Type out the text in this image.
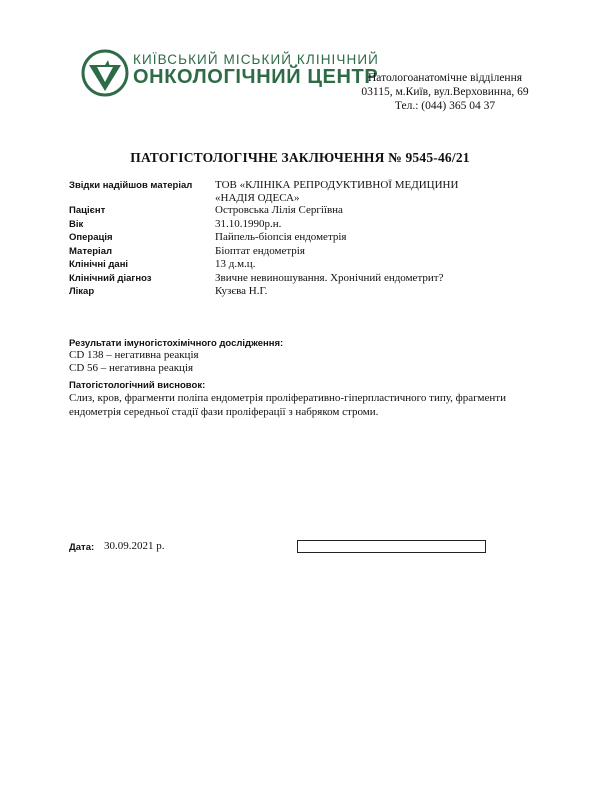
КИЇВСЬКИЙ МІСЬКИЙ КЛІНІЧНИЙ
ОНКОЛОГІЧНИЙ ЦЕНТР
Патологоанатомічне відділення
03115, м.Київ, вул.Верховинна, 69
Тел.: (044) 365 04 37
ПАТОГІСТОЛОГІЧНЕ ЗАКЛЮЧЕННЯ № 9545-46/21
Звідки надійшов матеріал	ТОВ «КЛІНІКА РЕПРОДУКТИВНОЇ МЕДИЦИНИ «НАДІЯ ОДЕСА»
Пацієнт	Островська Лілія Сергіївна
Вік	31.10.1990р.н.
Операція	Пайпель-біопсія ендометрія
Матеріал	Біоптат ендометрія
Клінічні дані	13 д.м.ц.
Клінічний діагноз	Звичне невиношування. Хронічний ендометрит?
Лікар	Кузєва Н.Г.
Результати імуногістохімічного дослідження:
CD 138 – негативна реакція
CD 56 – негативна реакція
Патогістологічний висновок:
Слиз, кров, фрагменти поліпа ендометрія проліферативно-гіперпластичного типу, фрагменти ендометрія середньої стадії фази проліферації з набряком строми.
Дата: 30.09.2021 р.
